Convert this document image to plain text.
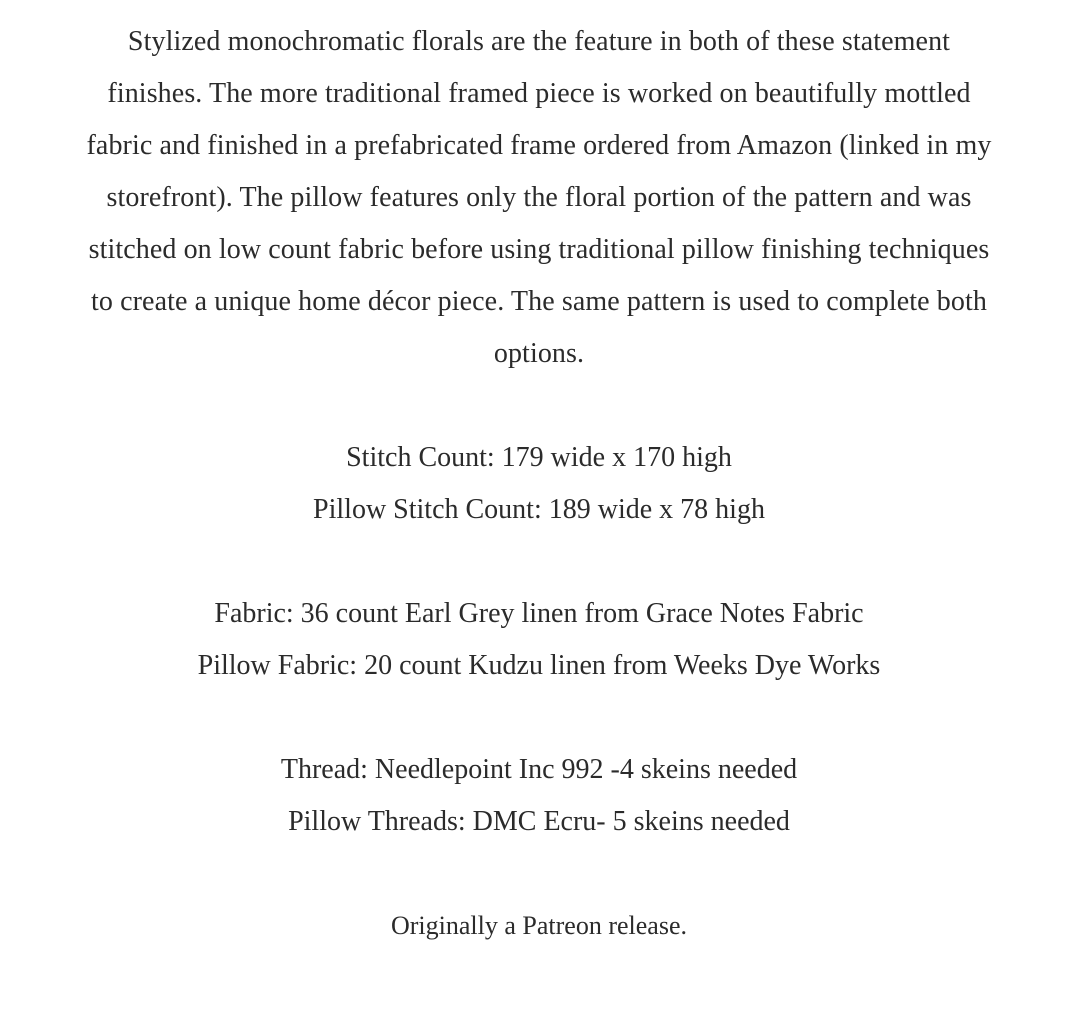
Stylized monochromatic florals are the feature in both of these statement finishes. The more traditional framed piece is worked on beautifully mottled fabric and finished in a prefabricated frame ordered from Amazon (linked in my storefront). The pillow features only the floral portion of the pattern and was stitched on low count fabric before using traditional pillow finishing techniques to create a unique home décor piece. The same pattern is used to complete both options.
Stitch Count: 179 wide x 170 high
Pillow Stitch Count: 189 wide x 78 high
Fabric: 36 count Earl Grey linen from Grace Notes Fabric
Pillow Fabric: 20 count Kudzu linen from Weeks Dye Works
Thread: Needlepoint Inc 992 -4 skeins needed
Pillow Threads: DMC Ecru- 5 skeins needed
Originally a Patreon release.
